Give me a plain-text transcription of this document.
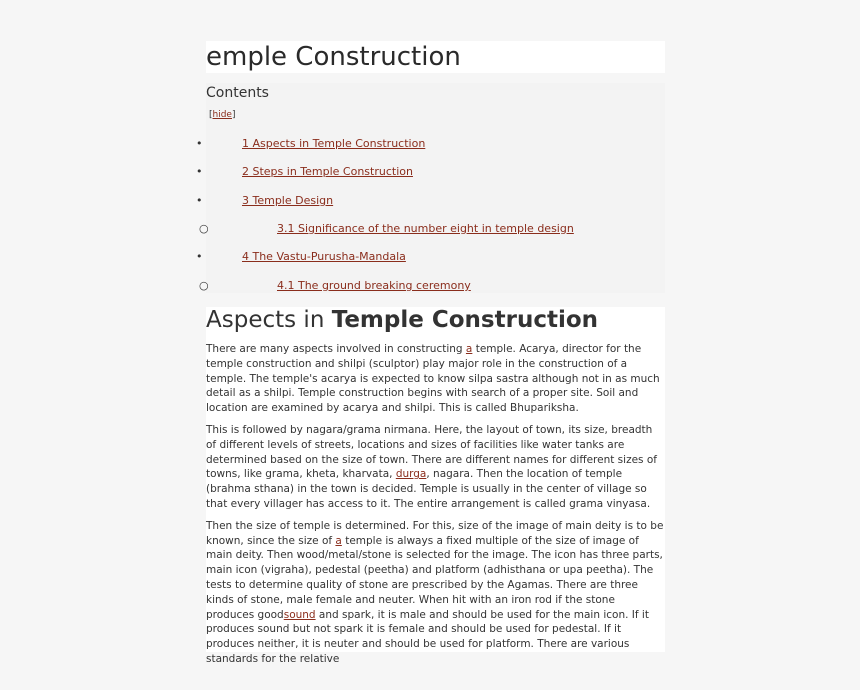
emple Construction
Contents
[hide]
•	1 Aspects in Temple Construction
•	2 Steps in Temple Construction
•	3 Temple Design
○	3.1 Significance of the number eight in temple design
•	4 The Vastu-Purusha-Mandala
○	4.1 The ground breaking ceremony
Aspects in Temple Construction

There are many aspects involved in constructing a temple. Acarya, director for the temple construction and shilpi (sculptor) play major role in the construction of a temple. The temple's acarya is expected to know silpa sastra although not in as much detail as a shilpi. Temple construction begins with search of a proper site. Soil and location are examined by acarya and shilpi. This is called Bhupariksha.

This is followed by nagara/grama nirmana. Here, the layout of town, its size, breadth of different levels of streets, locations and sizes of facilities like water tanks are determined based on the size of town. There are different names for different sizes of towns, like grama, kheta, kharvata, durga, nagara. Then the location of temple (brahma sthana) in the town is decided. Temple is usually in the center of village so that every villager has access to it. The entire arrangement is called grama vinyasa.

Then the size of temple is determined. For this, size of the image of main deity is to be known, since the size of a temple is always a fixed multiple of the size of image of main deity. Then wood/metal/stone is selected for the image. The icon has three parts, main icon (vigraha), pedestal (peetha) and platform (adhisthana or upa peetha). The tests to determine quality of stone are prescribed by the Agamas. There are three kinds of stone, male female and neuter. When hit with an iron rod if the stone produces goodsound and spark, it is male and should be used for the main icon. If it produces sound but not spark it is female and should be used for pedestal. If it produces neither, it is neuter and should be used for platform. There are various standards for the relative
